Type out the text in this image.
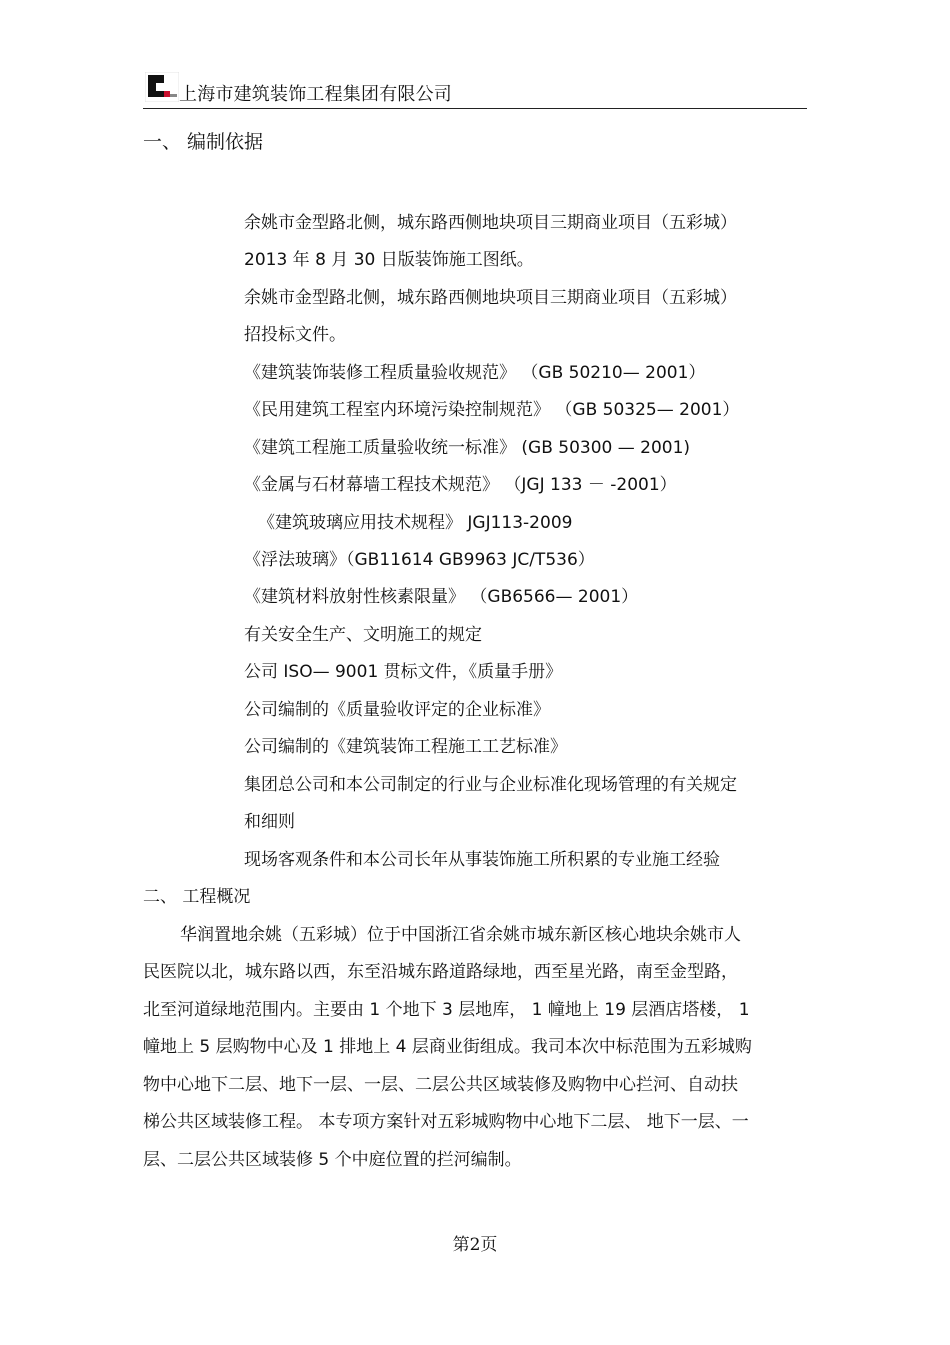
上海市建筑装饰工程集团有限公司
一、 编制依据
余姚市金型路北侧，城东路西侧地块项目三期商业项目（五彩城）
2013 年 8 月 30 日版装饰施工图纸。
余姚市金型路北侧，城东路西侧地块项目三期商业项目（五彩城）
招投标文件。
《建筑装饰装修工程质量验收规范》 （GB 50210— 2001）
《民用建筑工程室内环境污染控制规范》 （GB 50325— 2001）
《建筑工程施工质量验收统一标准》 (GB 50300 — 2001)
《金属与石材幕墙工程技术规范》 （JGJ 133 － -2001）
《建筑玻璃应用技术规程》 JGJ113-2009
《浮法玻璃》（GB11614 GB9963 JC/T536）
《建筑材料放射性核素限量》 （GB6566— 2001）
有关安全生产、文明施工的规定
公司 ISO— 9001 贯标文件，《质量手册》
公司编制的《质量验收评定的企业标准》
公司编制的《建筑装饰工程施工工艺标准》
集团总公司和本公司制定的行业与企业标准化现场管理的有关规定
和细则
现场客观条件和本公司长年从事装饰施工所积累的专业施工经验
二、 工程概况
华润置地余姚（五彩城）位于中国浙江省余姚市城东新区核心地块余姚市人
民医院以北，城东路以西，东至沿城东路道路绿地，西至星光路，南至金型路，
北至河道绿地范围内。主要由 1 个地下 3 层地库， 1 幢地上 19 层酒店塔楼， 1
幢地上 5 层购物中心及 1 排地上 4 层商业街组成。我司本次中标范围为五彩城购
物中心地下二层、地下一层、一层、二层公共区域装修及购物中心拦河、自动扶
梯公共区域装修工程。 本专项方案针对五彩城购物中心地下二层、 地下一层、一
层、二层公共区域装修 5 个中庭位置的拦河编制。
第2页
